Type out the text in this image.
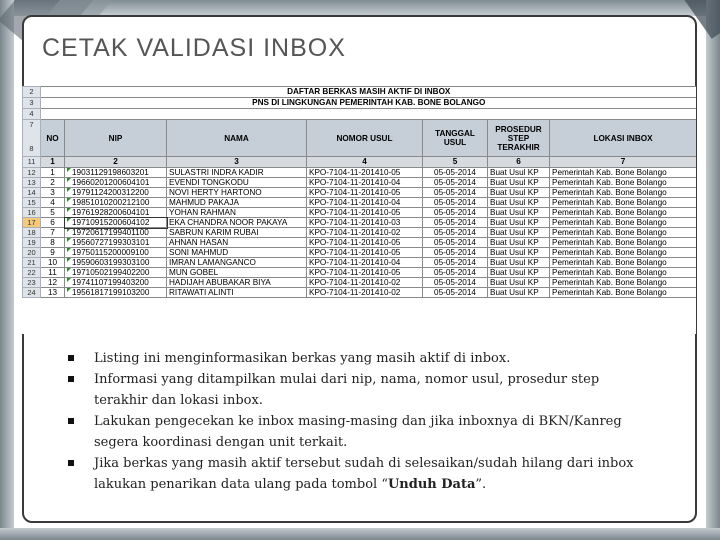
CETAK VALIDASI INBOX
2	DAFTAR BERKAS MASIH AKTIF DI INBOX						
3	PNS DI LINGKUNGAN PEMERINTAH KAB. BONE BOLANGO						
4							

7
8	NO	NIP	NAMA	NOMOR USUL	TANGGAL USUL	PROSEDUR STEP TERAKHIR	LOKASI INBOX
11	1	2	3	4	5	6	7
12	1	19031129198603201	SULASTRI INDRA KADIR	KPO-7104-11-201410-05	05-05-2014	Buat Usul KP	Pemerintah Kab. Bone Bolango
13	2	19660201200604101	EVENDI TONGKODU	KPO-7104-11-201410-04	05-05-2014	Buat Usul KP	Pemerintah Kab. Bone Bolango
14	3	19791124200312200	NOVI HERTY HARTONO	KPO-7104-11-201410-05	05-05-2014	Buat Usul KP	Pemerintah Kab. Bone Bolango
15	4	19851010200212100	MAHMUD PAKAJA	KPO-7104-11-201410-04	05-05-2014	Buat Usul KP	Pemerintah Kab. Bone Bolango
16	5	19761928200604101	YOHAN RAHMAN	KPO-7104-11-201410-05	05-05-2014	Buat Usul KP	Pemerintah Kab. Bone Bolango
17	6	19710915200604102	EKA CHANDRA NOOR PAKAYA	KPO-7104-11-201410-03	05-05-2014	Buat Usul KP	Pemerintah Kab. Bone Bolango
18	7	19720617199401100	SABRUN KARIM RUBAI	KPO-7104-11-201410-02	05-05-2014	Buat Usul KP	Pemerintah Kab. Bone Bolango
19	8	19560727199303101	AHNAN HASAN	KPO-7104-11-201410-05	05-05-2014	Buat Usul KP	Pemerintah Kab. Bone Bolango
20	9	19750115200009100	SONI MAHMUD	KPO-7104-11-201410-05	05-05-2014	Buat Usul KP	Pemerintah Kab. Bone Bolango
21	10	19590603199303100	IMRAN LAMANGANCO	KPO-7104-11-201410-04	05-05-2014	Buat Usul KP	Pemerintah Kab. Bone Bolango
22	11	19710502199402200	MUN GOBEL	KPO-7104-11-201410-05	05-05-2014	Buat Usul KP	Pemerintah Kab. Bone Bolango
23	12	19741107199403200	HADIJAH ABUBAKAR BIYA	KPO-7104-11-201410-02	05-05-2014	Buat Usul KP	Pemerintah Kab. Bone Bolango
24	13	19561817199103200	RITAWATI ALINTI	KPO-7104-11-201410-02	05-05-2014	Buat Usul KP	Pemerintah Kab. Bone Bolango
Listing ini menginformasikan berkas yang masih aktif di inbox.
Informasi yang ditampilkan mulai dari nip, nama, nomor usul, prosedur step terakhir dan lokasi inbox.
Lakukan pengecekan ke inbox masing-masing dan jika inboxnya di BKN/Kanreg segera koordinasi dengan unit terkait.
Jika berkas yang masih aktif tersebut sudah di selesaikan/sudah hilang dari inbox lakukan penarikan data ulang pada tombol “Unduh Data”.
